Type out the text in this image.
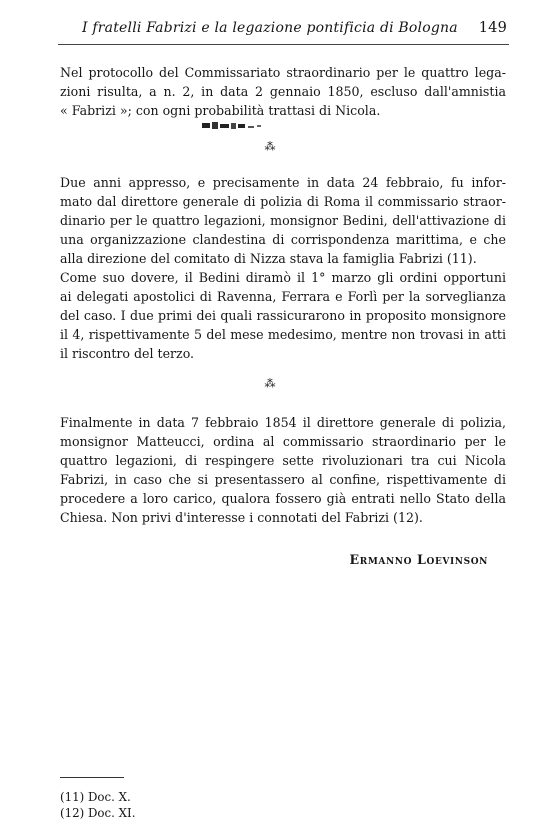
I fratelli Fabrizi e la legazione pontificia di Bologna 149
Nel protocollo del Commissariato straordinario per le quattro lega-
zioni risulta, a n. 2, in data 2 gennaio 1850, escluso dall'amnistia
« Fabrizi »; con ogni probabilità trattasi di Nicola.
⁂
Due anni appresso, e precisamente in data 24 febbraio, fu infor-
mato dal direttore generale di polizia di Roma il commissario straor-
dinario per le quattro legazioni, monsignor Bedini, dell'attivazione di
una organizzazione clandestina di corrispondenza marittima, e che
alla direzione del comitato di Nizza stava la famiglia Fabrizi (11).
Come suo dovere, il Bedini diramò il 1° marzo gli ordini opportuni
ai delegati apostolici di Ravenna, Ferrara e Forlì per la sorveglianza
del caso. I due primi dei quali rassicurarono in proposito monsignore
il 4, rispettivamente 5 del mese medesimo, mentre non trovasi in atti
il riscontro del terzo.
⁂
Finalmente in data 7 febbraio 1854 il direttore generale di polizia,
monsignor Matteucci, ordina al commissario straordinario per le
quattro legazioni, di respingere sette rivoluzionari tra cui Nicola
Fabrizi, in caso che si presentassero al confine, rispettivamente di
procedere a loro carico, qualora fossero già entrati nello Stato della
Chiesa. Non privi d'interesse i connotati del Fabrizi (12).
Ermanno Loevinson
(11) Doc. X.
(12) Doc. XI.
